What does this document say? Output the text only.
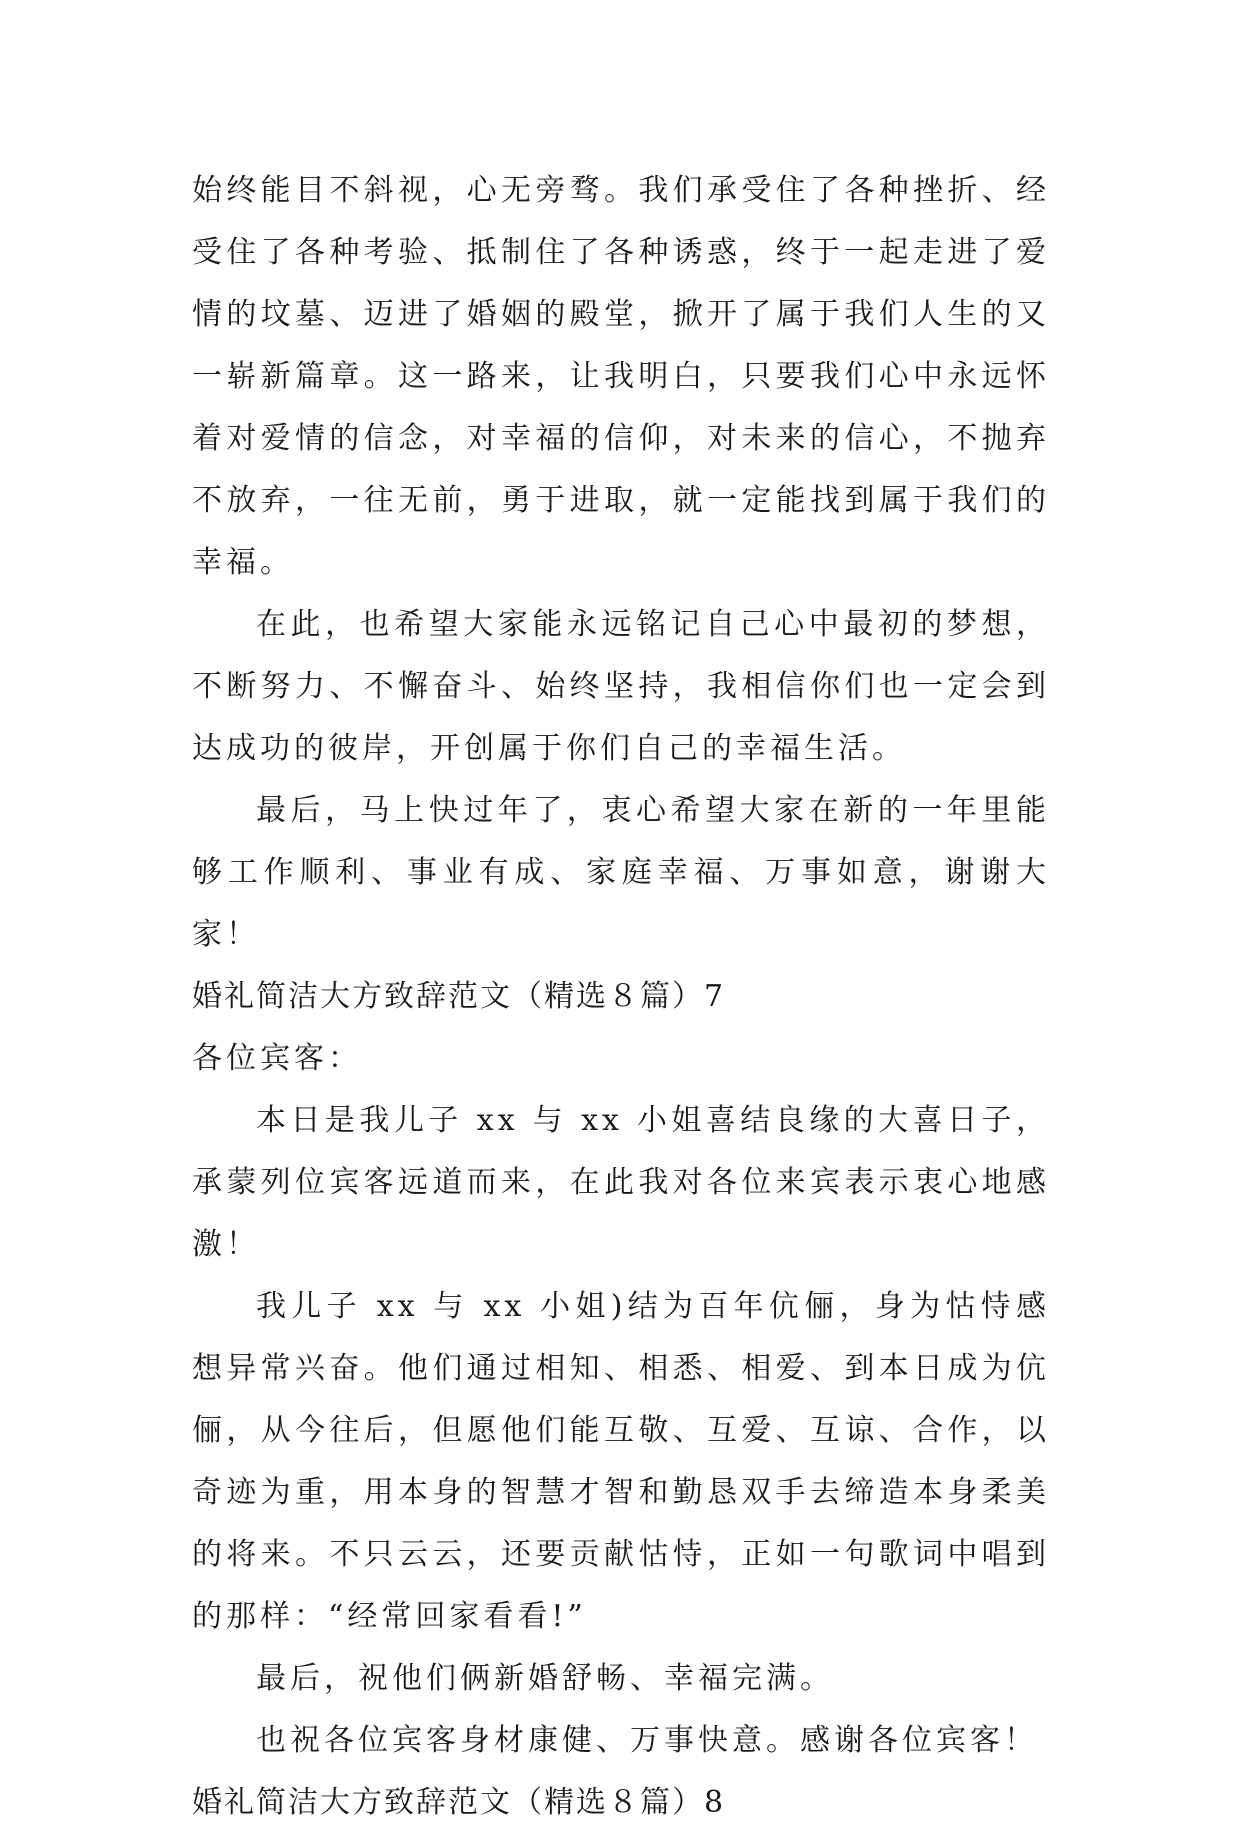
始终能目不斜视，心无旁骛。我们承受住了各种挫折、经受住了各种考验、抵制住了各种诱惑，终于一起走进了爱情的坟墓、迈进了婚姻的殿堂，掀开了属于我们人生的又一崭新篇章。这一路来，让我明白，只要我们心中永远怀着对爱情的信念，对幸福的信仰，对未来的信心，不抛弃不放弃，一往无前，勇于进取，就一定能找到属于我们的幸福。

在此，也希望大家能永远铭记自己心中最初的梦想，不断努力、不懈奋斗、始终坚持，我相信你们也一定会到达成功的彼岸，开创属于你们自己的幸福生活。

最后，马上快过年了，衷心希望大家在新的一年里能够工作顺利、事业有成、家庭幸福、万事如意，谢谢大家！

婚礼简洁大方致辞范文（精选８篇）7

各位宾客：

本日是我儿子 xx 与 xx 小姐喜结良缘的大喜日子，承蒙列位宾客远道而来，在此我对各位来宾表示衷心地感激！

我儿子 xx 与 xx 小姐)结为百年伉俪，身为怙恃感想异常兴奋。他们通过相知、相悉、相爱、到本日成为伉俪，从今往后，但愿他们能互敬、互爱、互谅、合作，以奇迹为重，用本身的智慧才智和勤恳双手去缔造本身柔美的将来。不只云云，还要贡献怙恃，正如一句歌词中唱到的那样：“经常回家看看!”

最后，祝他们俩新婚舒畅、幸福完满。

也祝各位宾客身材康健、万事快意。感谢各位宾客！

婚礼简洁大方致辞范文（精选８篇）8
